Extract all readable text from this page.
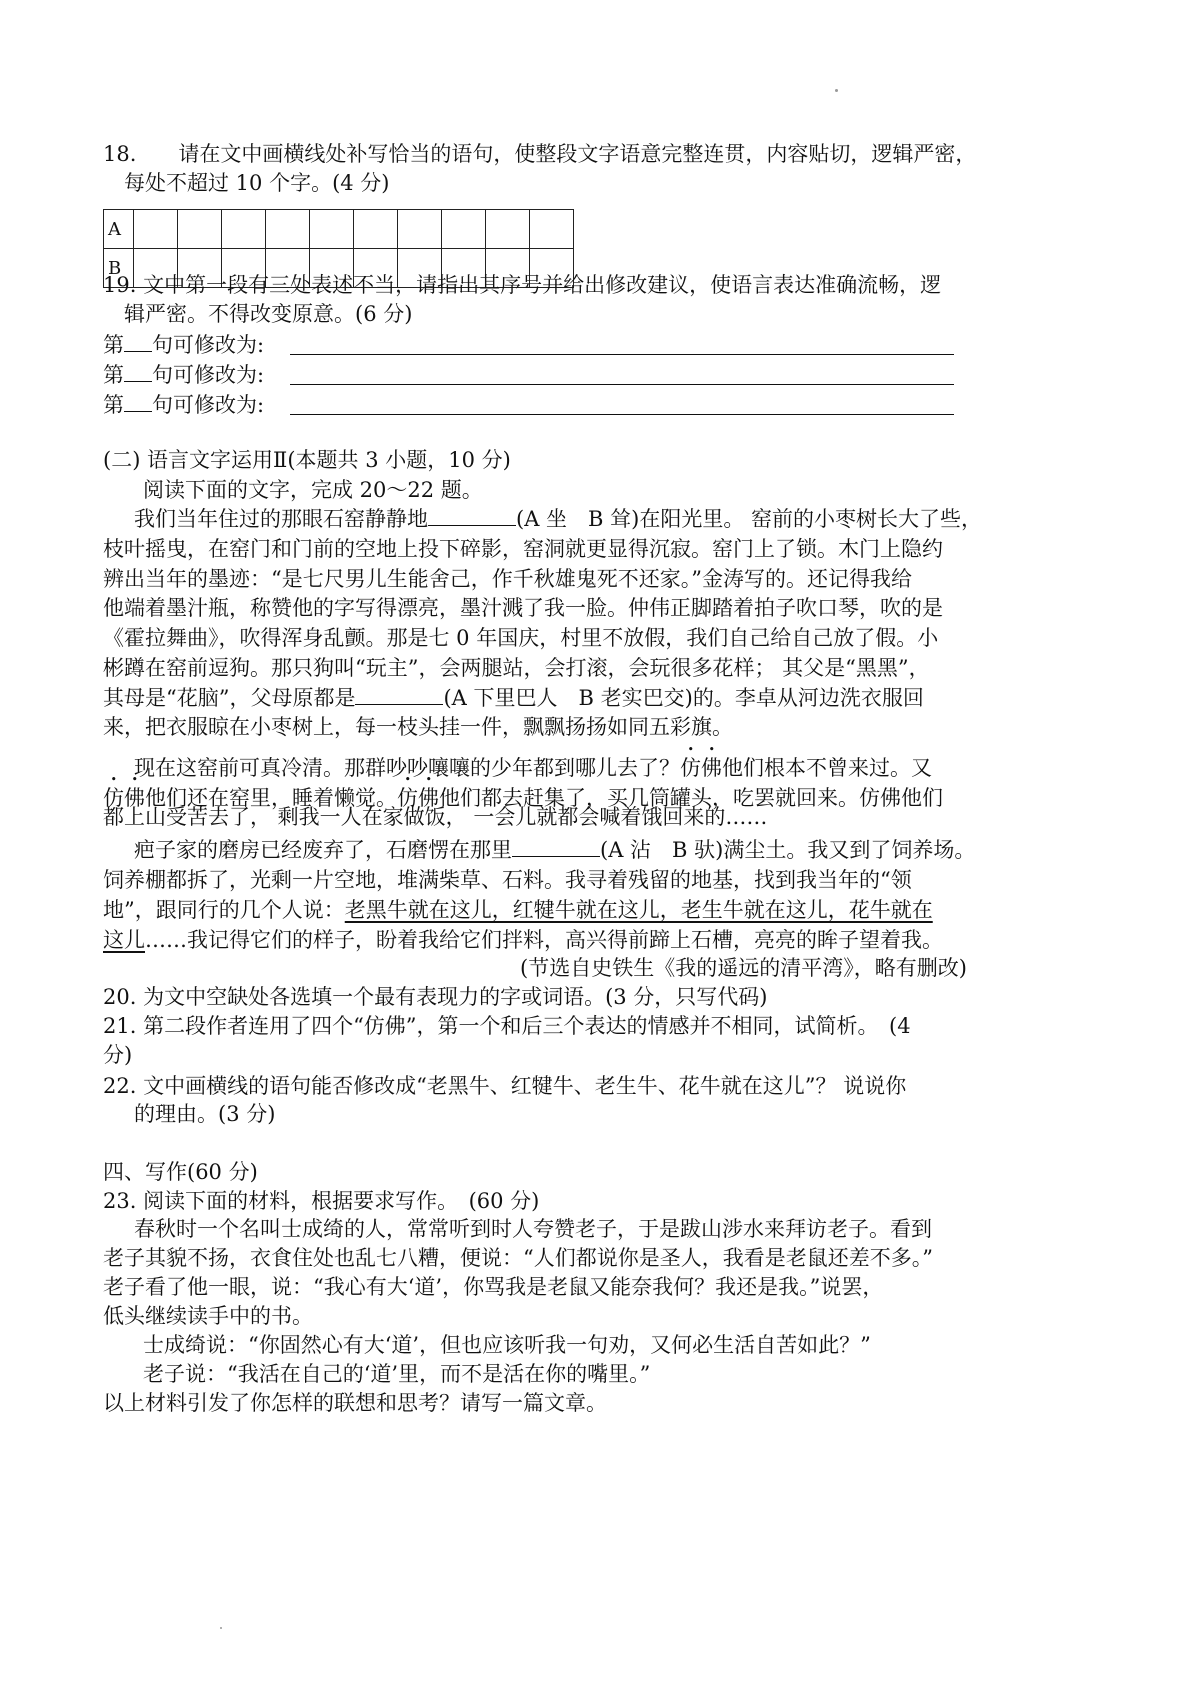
18.　　请在文中画横线处补写恰当的语句，使整段文字语意完整连贯，内容贴切，逻辑严密，
每处不超过 10 个字。(4 分)
A										
B										
19. 文中第一段有三处表述不当，请指出其序号并给出修改建议，使语言表达准确流畅，逻
辑严密。不得改变原意。(6 分)
第 句可修改为:
第 句可修改为:
第 句可修改为:
(二) 语言文字运用Ⅱ(本题共 3 小题，10 分)
阅读下面的文字，完成 20～22 题。
我们当年住过的那眼石窑静静地	(A 坐　B 耸)在阳光里。 窑前的小枣树长大了些，
枝叶摇曳，在窑门和门前的空地上投下碎影，窑洞就更显得沉寂。窑门上了锁。木门上隐约
辨出当年的墨迹：“是七尺男儿生能舍己，作千秋雄鬼死不还家。”金涛写的。还记得我给
他端着墨汁瓶，称赞他的字写得漂亮，墨汁溅了我一脸。仲伟正脚踏着拍子吹口琴，吹的是
《霍拉舞曲》，吹得浑身乱颤。那是七 0 年国庆，村里不放假，我们自己给自己放了假。小
彬蹲在窑前逗狗。那只狗叫“玩主”，会两腿站，会打滚，会玩很多花样； 其父是“黑黑”，
其母是“花脑”，父母原都是	(A 下里巴人　B 老实巴交)的。李卓从河边洗衣服回
来，把衣服晾在小枣树上，每一枝头挂一件，飘飘扬扬如同五彩旗。
现在这窑前可真冷清。那群吵吵嚷嚷的少年都到哪儿去了？仿佛他们根本不曾来过。又
仿佛他们还在窑里，睡着懒觉。仿佛他们都去赶集了，买几筒罐头，吃罢就回来。仿佛他们
都上山受苦去了， 剩我一人在家做饭， 一会儿就都会喊着饿回来的……
疤子家的磨房已经废弃了，石磨愣在那里	(A 沾　B 驮)满尘土。我又到了饲养场。
饲养棚都拆了，光剩一片空地，堆满柴草、石料。我寻着残留的地基，找到我当年的“领
地”，跟同行的几个人说：老黑牛就在这儿，红犍牛就在这儿，老生牛就在这儿，花牛就在
这儿……我记得它们的样子，盼着我给它们拌料，高兴得前蹄上石槽，亮亮的眸子望着我。
(节选自史铁生《我的遥远的清平湾》，略有删改)
20. 为文中空缺处各选填一个最有表现力的字或词语。(3 分，只写代码)
21. 第二段作者连用了四个“仿佛”，第一个和后三个表达的情感并不相同，试简析。　(4
分)
22. 文中画横线的语句能否修改成“老黑牛、红犍牛、老生牛、花牛就在这儿”？ 说说你
的理由。(3 分)
四、写作(60 分)
23. 阅读下面的材料，根据要求写作。　(60 分)
春秋时一个名叫士成绮的人，常常听到时人夸赞老子，于是跋山涉水来拜访老子。看到
老子其貌不扬，衣食住处也乱七八糟，便说：“人们都说你是圣人，我看是老鼠还差不多。”
老子看了他一眼，说：“我心有大‘道’，你骂我是老鼠又能奈我何？我还是我。”说罢，
低头继续读手中的书。
士成绮说：“你固然心有大‘道’，但也应该听我一句劝，又何必生活自苦如此？”
老子说：“我活在自己的‘道’里，而不是活在你的嘴里。”
以上材料引发了你怎样的联想和思考？请写一篇文章。
